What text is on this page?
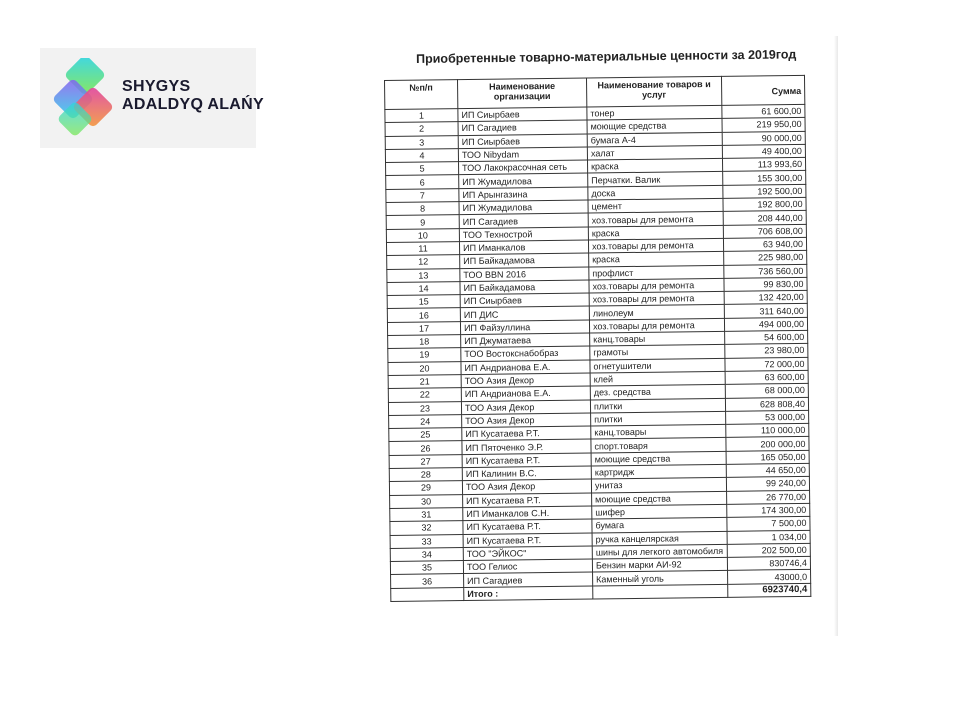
SHYGYS
ADALDYQ ALAŃY
Приобретенные товарно-материальные ценности за 2019год
№п/п	Наименование организации	Наименование товаров и услуг	Сумма
1	ИП Сиырбаев	тонер	61 600,00
2	ИП Сагадиев	моющие средства	219 950,00
3	ИП Сиырбаев	бумага А-4	90 000,00
4	ТОО Nibydam	халат	49 400,00
5	ТОО Лакокрасочная сеть	краска	113 993,60
6	ИП Жумадилова	Перчатки. Валик	155 300,00
7	ИП Арынгазина	доска	192 500,00
8	ИП Жумадилова	цемент	192 800,00
9	ИП Сагадиев	хоз.товары для ремонта	208 440,00
10	ТОО Технострой	краска	706 608,00
11	ИП Иманкалов	хоз.товары для ремонта	63 940,00
12	ИП Байкадамова	краска	225 980,00
13	ТОО BBN 2016	профлист	736 560,00
14	ИП Байкадамова	хоз.товары для ремонта	99 830,00
15	ИП Сиырбаев	хоз.товары для ремонта	132 420,00
16	ИП ДИС	линолеум	311 640,00
17	ИП Файзуллина	хоз.товары для ремонта	494 000,00
18	ИП Джуматаева	канц.товары	54 600,00
19	ТОО Востокснабобраз	грамоты	23 980,00
20	ИП Андрианова Е.А.	огнетушители	72 000,00
21	ТОО Азия Декор	клей	63 600,00
22	ИП Андрианова Е.А.	дез. средства	68 000,00
23	ТОО Азия Декор	плитки	628 808,40
24	ТОО Азия Декор	плитки	53 000,00
25	ИП Кусатаева Р.Т.	канц.товары	110 000,00
26	ИП Пяточенко Э.Р.	спорт.товаря	200 000,00
27	ИП Кусатаева Р.Т.	моющие средства	165 050,00
28	ИП Калинин В.С.	картридж	44 650,00
29	ТОО Азия Декор	унитаз	99 240,00
30	ИП Кусатаева Р.Т.	моющие средства	26 770,00
31	ИП Иманкалов С.Н.	шифер	174 300,00
32	ИП Кусатаева Р.Т.	бумага	7 500,00
33	ИП Кусатаева Р.Т.	ручка канцелярская	1 034,00
34	ТОО "ЭЙКОС"	шины для легкого автомобиля	202 500,00
35	ТОО Гелиос	Бензин марки АИ-92	830746,4
36	ИП Сагадиев	Каменный уголь	43000,0
	Итого :		6923740,4
